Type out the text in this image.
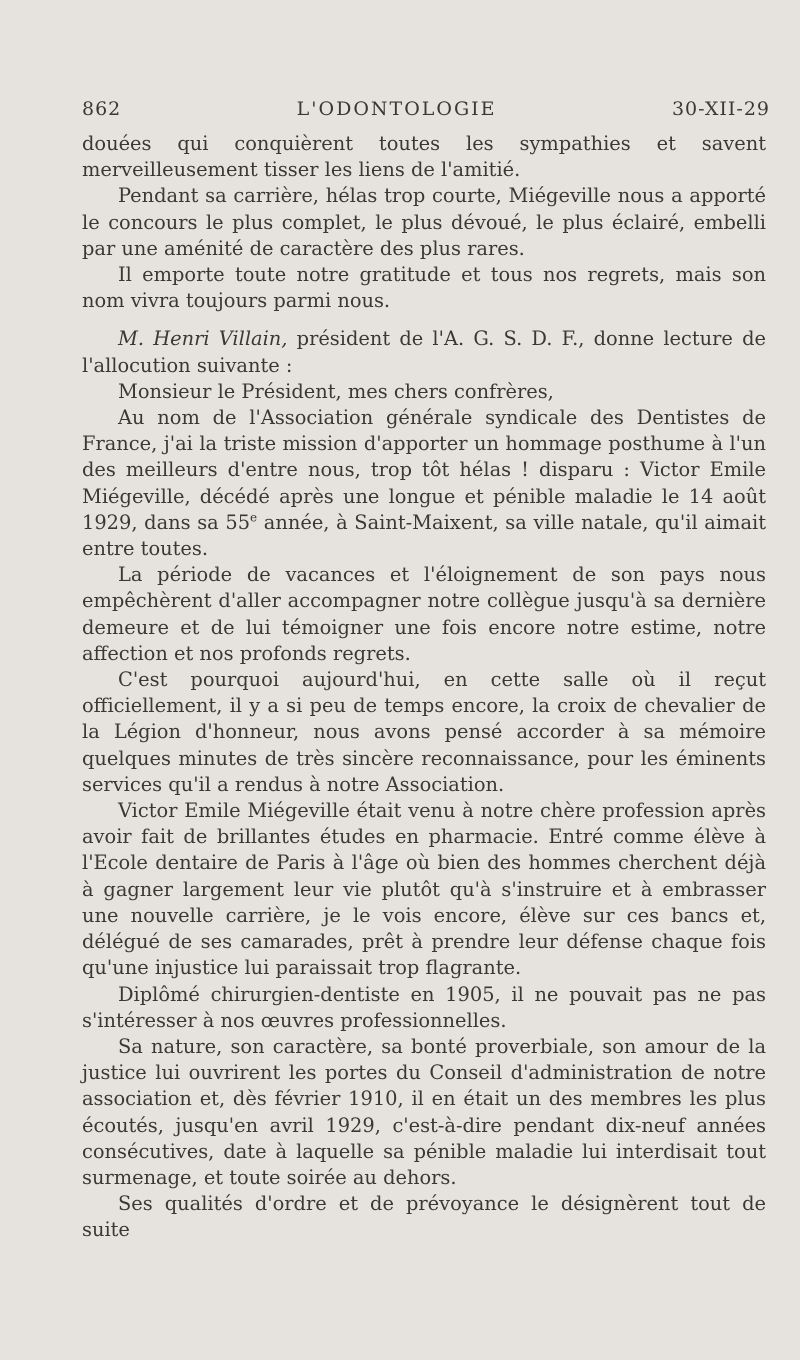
862	L'ODONTOLOGIE	30-XII-29

douées qui conquièrent toutes les sympathies et savent merveilleusement tisser les liens de l'amitié.

Pendant sa carrière, hélas trop courte, Miégeville nous a apporté le concours le plus complet, le plus dévoué, le plus éclairé, embelli par une aménité de caractère des plus rares.

Il emporte toute notre gratitude et tous nos regrets, mais son nom vivra toujours parmi nous.

M. Henri Villain, président de l'A. G. S. D. F., donne lecture de l'allocution suivante :

Monsieur le Président, mes chers confrères,

Au nom de l'Association générale syndicale des Dentistes de France, j'ai la triste mission d'apporter un hommage posthume à l'un des meilleurs d'entre nous, trop tôt hélas ! disparu : Victor Emile Miégeville, décédé après une longue et pénible maladie le 14 août 1929, dans sa 55e année, à Saint-Maixent, sa ville natale, qu'il aimait entre toutes.

La période de vacances et l'éloignement de son pays nous empêchèrent d'aller accompagner notre collègue jusqu'à sa dernière demeure et de lui témoigner une fois encore notre estime, notre affection et nos profonds regrets.

C'est pourquoi aujourd'hui, en cette salle où il reçut officiellement, il y a si peu de temps encore, la croix de chevalier de la Légion d'honneur, nous avons pensé accorder à sa mémoire quelques minutes de très sincère reconnaissance, pour les éminents services qu'il a rendus à notre Association.

Victor Emile Miégeville était venu à notre chère profession après avoir fait de brillantes études en pharmacie. Entré comme élève à l'Ecole dentaire de Paris à l'âge où bien des hommes cherchent déjà à gagner largement leur vie plutôt qu'à s'instruire et à embrasser une nouvelle carrière, je le vois encore, élève sur ces bancs et, délégué de ses camarades, prêt à prendre leur défense chaque fois qu'une injustice lui paraissait trop flagrante.

Diplômé chirurgien-dentiste en 1905, il ne pouvait pas ne pas s'intéresser à nos œuvres professionnelles.

Sa nature, son caractère, sa bonté proverbiale, son amour de la justice lui ouvrirent les portes du Conseil d'administration de notre association et, dès février 1910, il en était un des membres les plus écoutés, jusqu'en avril 1929, c'est-à-dire pendant dix-neuf années consécutives, date à laquelle sa pénible maladie lui interdisait tout surmenage, et toute soirée au dehors.

Ses qualités d'ordre et de prévoyance le désignèrent tout de suite
